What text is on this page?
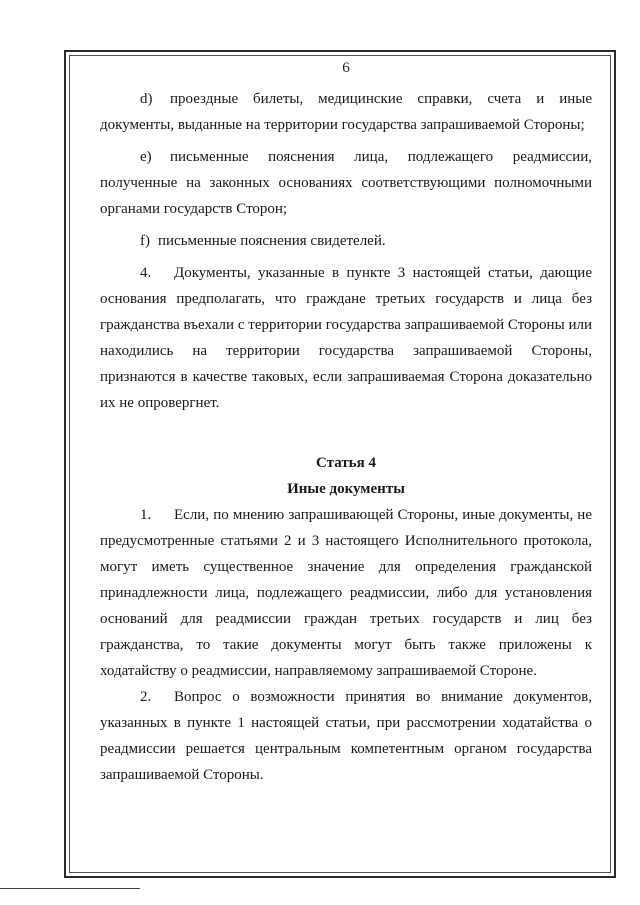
6

d) проездные билеты, медицинские справки, счета и иные документы, выданные на территории государства запрашиваемой Стороны;

e) письменные пояснения лица, подлежащего реадмиссии, полученные на законных основаниях соответствующими полномочными органами государств Сторон;

f) письменные пояснения свидетелей.

4. Документы, указанные в пункте 3 настоящей статьи, дающие основания предполагать, что граждане третьих государств и лица без гражданства въехали с территории государства запрашиваемой Стороны или находились на территории государства запрашиваемой Стороны, признаются в качестве таковых, если запрашиваемая Сторона доказательно их не опровергнет.

Статья 4
Иные документы

1. Если, по мнению запрашивающей Стороны, иные документы, не предусмотренные статьями 2 и 3 настоящего Исполнительного протокола, могут иметь существенное значение для определения гражданской принадлежности лица, подлежащего реадмиссии, либо для установления оснований для реадмиссии граждан третьих государств и лиц без гражданства, то такие документы могут быть также приложены к ходатайству о реадмиссии, направляемому запрашиваемой Стороне.

2. Вопрос о возможности принятия во внимание документов, указанных в пункте 1 настоящей статьи, при рассмотрении ходатайства о реадмиссии решается центральным компетентным органом государства запрашиваемой Стороны.
